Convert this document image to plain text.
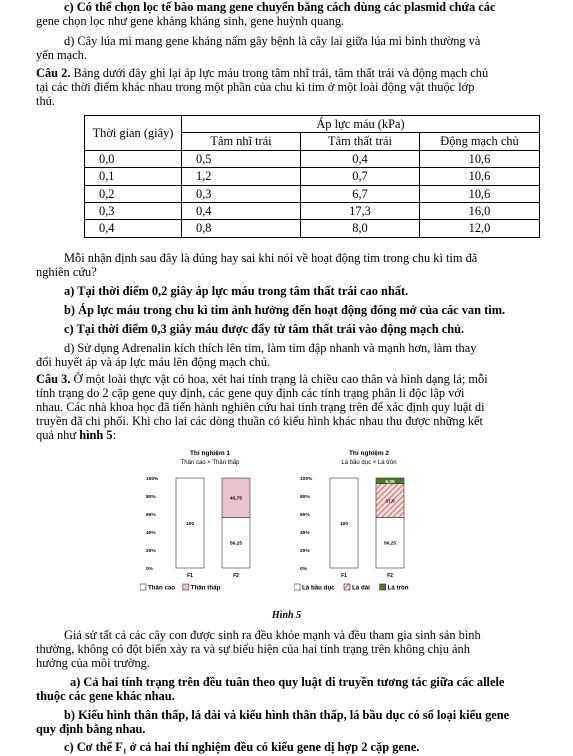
c) Có thể chọn lọc tế bào mang gene chuyển bằng cách dùng các plasmid chứa các

gene chọn lọc như gene kháng kháng sinh, gene huỳnh quang.

d) Cây lúa mì mang gene kháng nấm gây bệnh là cây lai giữa lúa mì bình thường và

yến mạch.

Câu 2. Bảng dưới đây ghi lại áp lực máu trong tâm nhĩ trái, tâm thất trái và động mạch chủ

tại các thời điểm khác nhau trong một phần của chu kì tim ở một loài động vật thuộc lớp

thú.

Thời gian (giây)	Áp lực máu (kPa)		
	Tâm nhĩ trái	Tâm thất trái	Động mạch chủ
0,0	0,5	0,4	10,6
0,1	1,2	0,7	10,6
0,2	0,3	6,7	10,6
0,3	0,4	17,3	16,0
0,4	0,8	8,0	12,0

Mỗi nhận định sau đây là đúng hay sai khi nói về hoạt động tim trong chu kì tim đã

nghiên cứu?

a) Tại thời điểm 0,2 giây áp lực máu trong tâm thất trái cao nhất.

b) Áp lực máu trong chu kì tim ảnh hưởng đến hoạt động đóng mở của các van tim.

c) Tại thời điểm 0,3 giây máu được đẩy từ tâm thất trái vào động mạch chủ.

d) Sử dụng Adrenalin kích thích lên tim, làm tim đập nhanh và mạnh hơn, làm thay

đổi huyết áp và áp lực máu lên động mạch chủ.

Câu 3. Ở một loài thực vật có hoa, xét hai tính trạng là chiều cao thân và hình dạng lá; mỗi

tính trạng do 2 cặp gene quy định, các gene quy định các tính trạng phân li độc lập với

nhau. Các nhà khoa học đã tiến hành nghiên cứu hai tính trạng trên để xác định quy luật di

truyền đã chi phối. Khi cho lai các dòng thuần có kiểu hình khác nhau thu được những kết

quả như hình 5:

Thí nghiệm 1
Thân cao × Thân thấp
0%
20%
40%
60%
80%
100%
100
F1
56,25
43,75
F2
Thân cao	Thân thấp
Thí nghiệm 2
Lá bầu dục × Lá tròn
0%
20%
40%
60%
80%
100%
100
F1
56,25
37,5
6,25
F2
Lá bầu dục	Lá dài	Lá tròn
Hình 5

Giả sử tất cả các cây con được sinh ra đều khỏe mạnh và đều tham gia sinh sản bình

thường, không có đột biến xảy ra và sự biểu hiện của hai tính trạng trên không chịu ảnh

hưởng của môi trường.

a) Cả hai tính trạng trên đều tuân theo quy luật di truyền tương tác giữa các allele

thuộc các gene khác nhau.

b) Kiểu hình thân thấp, lá dài và kiểu hình thân thấp, lá bầu dục có số loại kiểu gene

quy định bằng nhau.

c) Cơ thể F₁ ở cả hai thí nghiệm đều có kiểu gene dị hợp 2 cặp gene.
